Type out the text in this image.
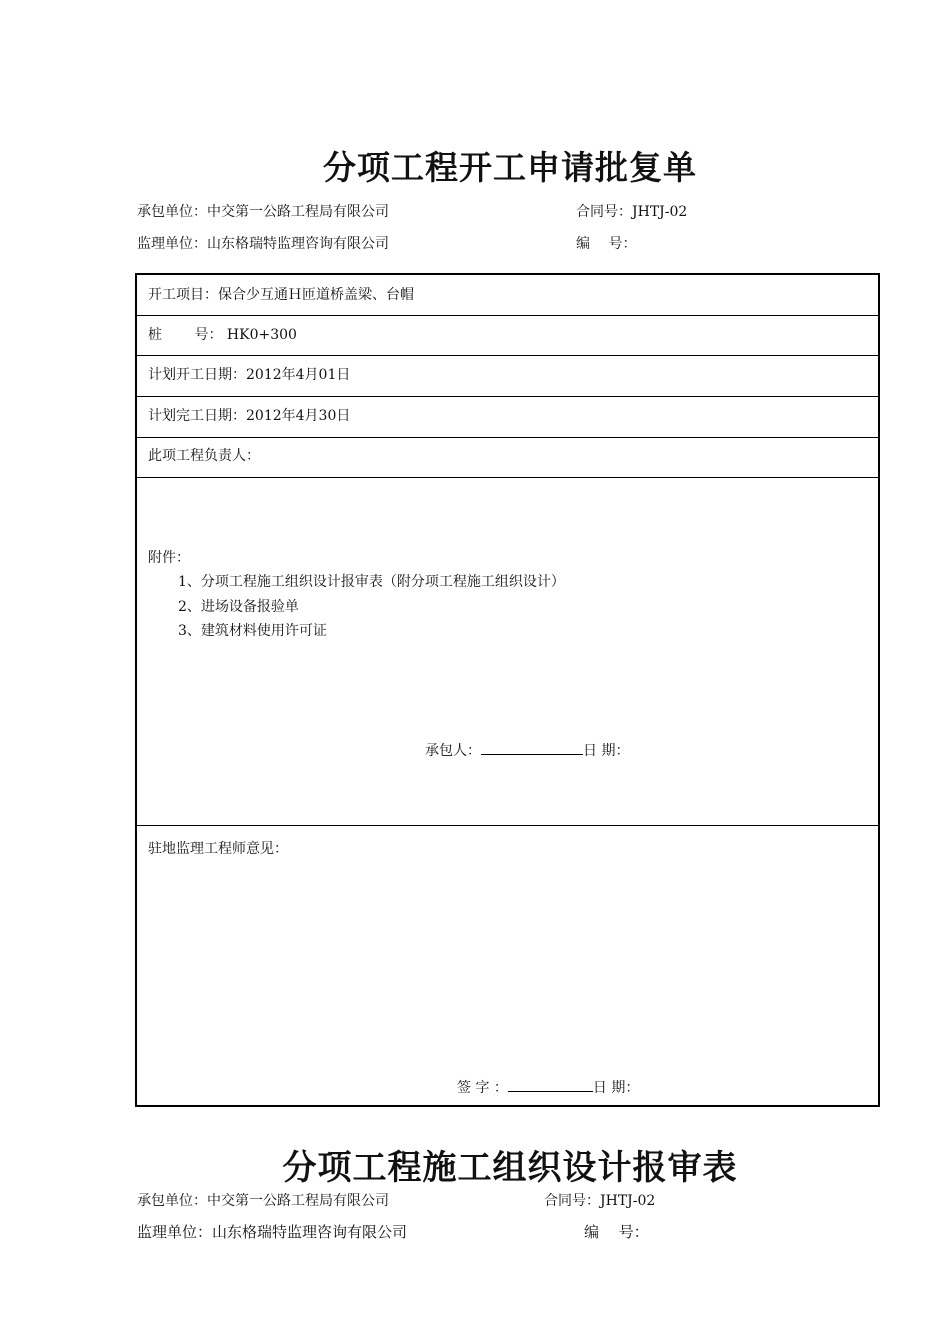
分项工程开工申请批复单
承包单位：中交第一公路工程局有限公司	合同号：JHTJ-02
监理单位：山东格瑞特监理咨询有限公司	编　 号：
开工项目：保合少互通Ｈ匝道桥盖梁、台帽
桩　　 号： HK0+300
计划开工日期：2012年4月01日
计划完工日期：2012年4月30日
此项工程负责人：
附件：
1、分项工程施工组织设计报审表（附分项工程施工组织设计）
2、进场设备报验单
3、建筑材料使用许可证
承包人：	日 期：
驻地监理工程师意见：
签 字 ：	日 期：
分项工程施工组织设计报审表
承包单位：中交第一公路工程局有限公司	合同号：JHTJ-02
监理单位：山东格瑞特监理咨询有限公司	编　 号：
